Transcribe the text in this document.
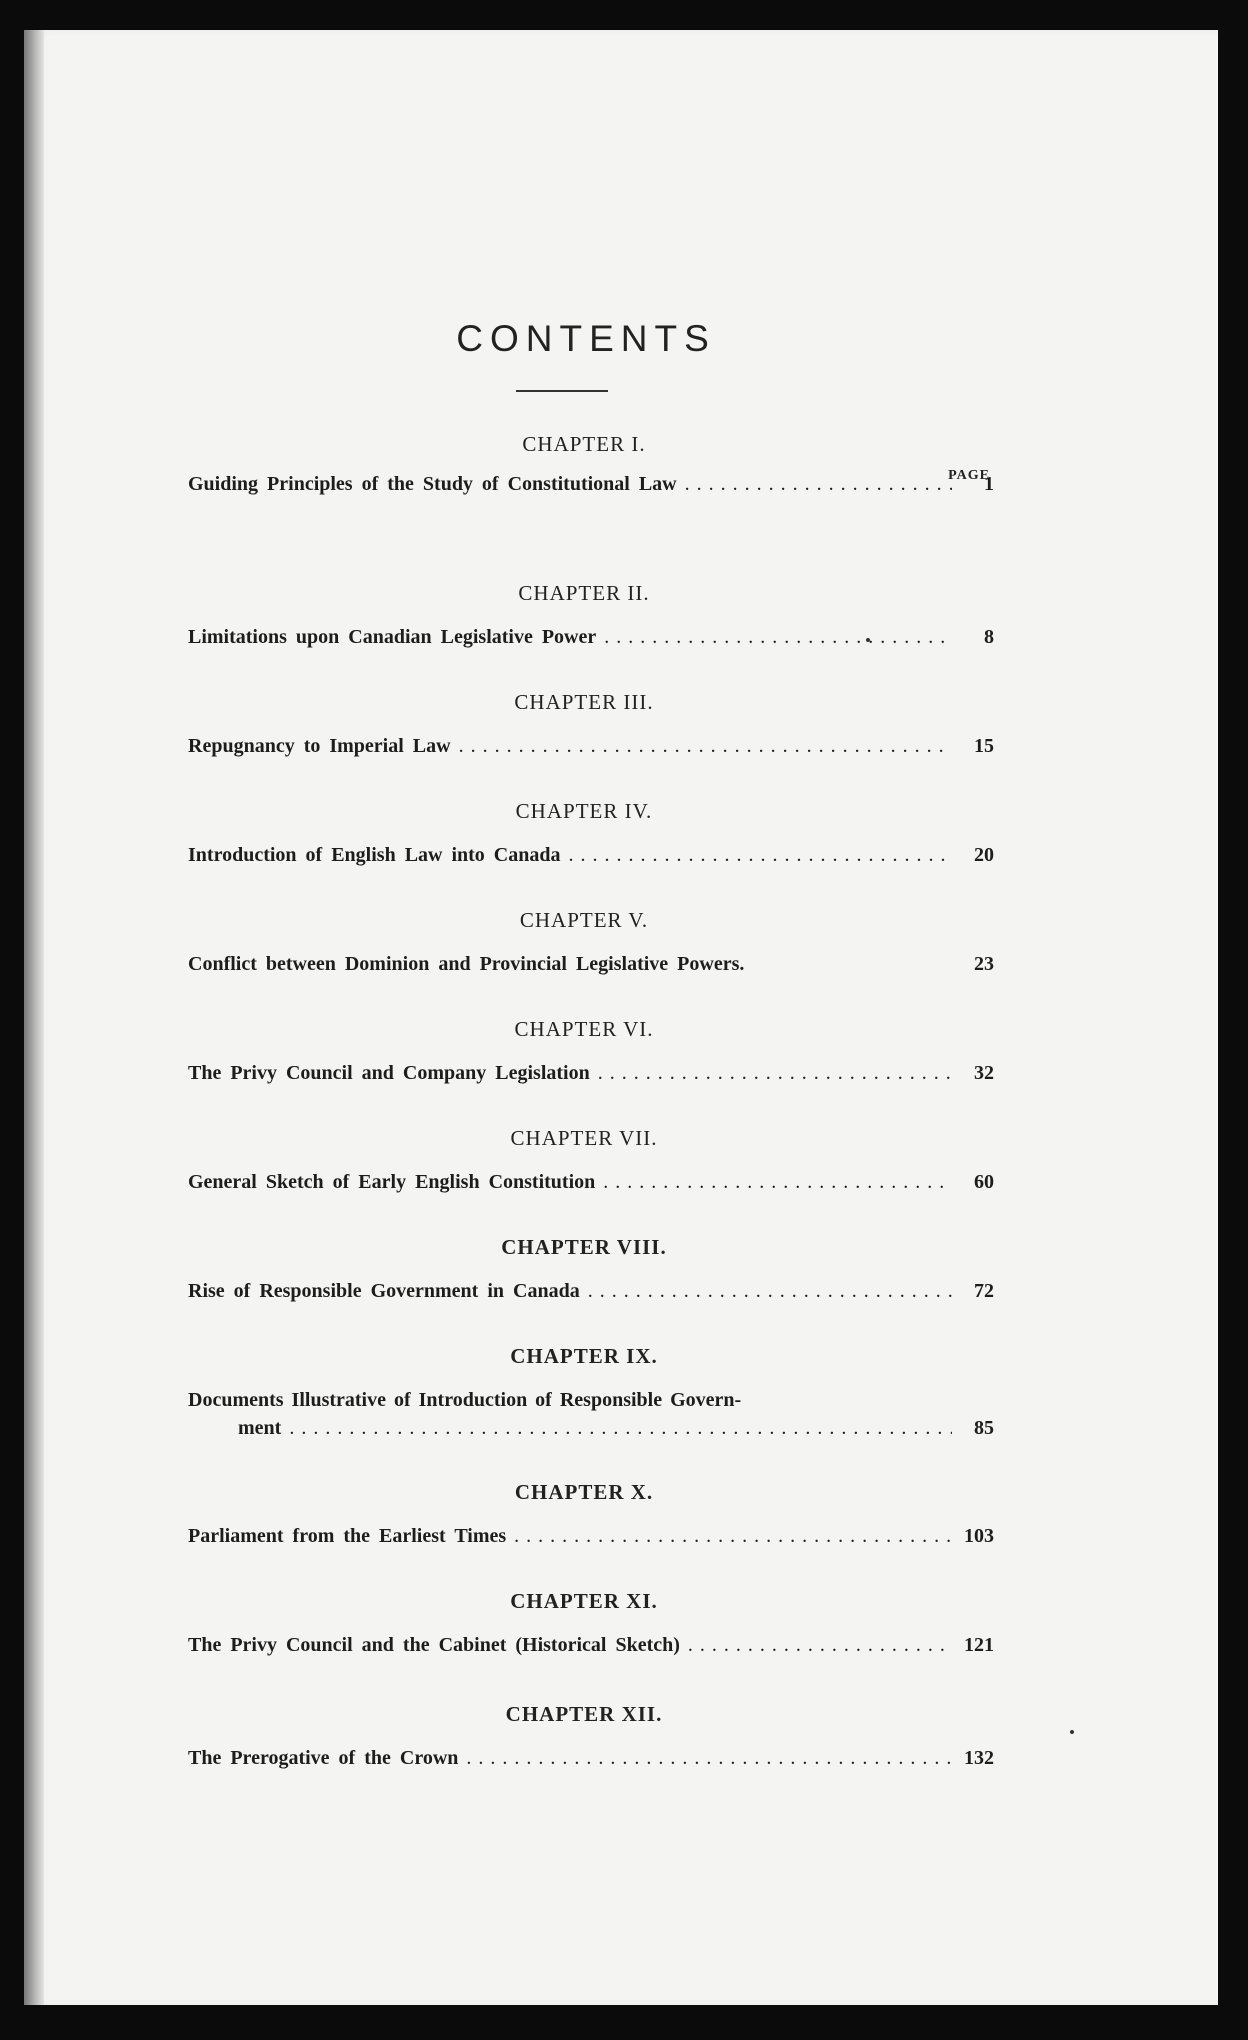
CONTENTS
PAGE
CHAPTER I.
Guiding Principles of the Study of Constitutional Law . . .	1
CHAPTER II.
Limitations upon Canadian Legislative Power . . .	8
CHAPTER III.
Repugnancy to Imperial Law . . .	15
CHAPTER IV.
Introduction of English Law into Canada . . .	20
CHAPTER V.
Conflict between Dominion and Provincial Legislative Powers.	23
CHAPTER VI.
The Privy Council and Company Legislation . . .	32
CHAPTER VII.
General Sketch of Early English Constitution . . .	60
CHAPTER VIII.
Rise of Responsible Government in Canada . . .	72
CHAPTER IX.
Documents Illustrative of Introduction of Responsible Govern-
ment . . .	85
CHAPTER X.
Parliament from the Earliest Times . . .	103
CHAPTER XI.
The Privy Council and the Cabinet (Historical Sketch) . . .	121
CHAPTER XII.
The Prerogative of the Crown . . .	132
